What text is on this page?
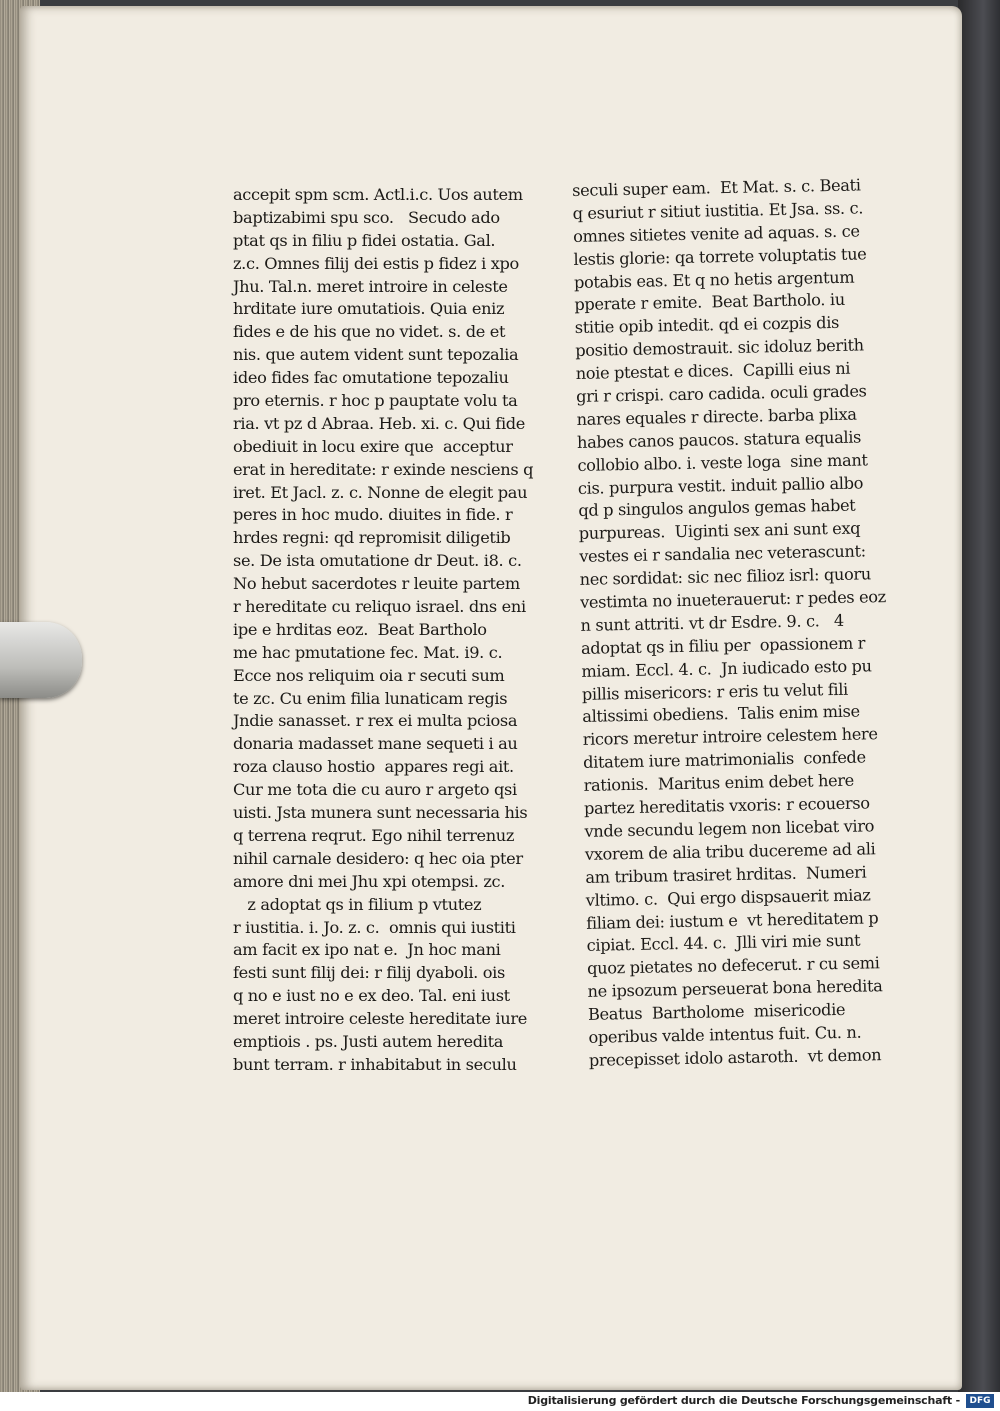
accepit spm scm. Actl.i.c. Uos autem
baptizabimi spu sco.   Secudo ado
ptat qs in filiu p fidei ostatia. Gal.
z.c. Omnes filij dei estis p fidez i xpo
Jhu. Tal.n. meret introire in celeste
hrditate iure omutatiois. Quia eniz
fides e de his que no videt. s. de et
nis. que autem vident sunt tepozalia
ideo fides fac omutatione tepozaliu
pro eternis. r hoc p pauptate volu ta
ria. vt pz d Abraa. Heb. xi. c. Qui fide
obediuit in locu exire que  acceptur
erat in hereditate: r exinde nesciens q
iret. Et Jacl. z. c. Nonne de elegit pau
peres in hoc mudo. diuites in fide. r
hrdes regni: qd repromisit diligetib
se. De ista omutatione dr Deut. i8. c.
No hebut sacerdotes r leuite partem
r hereditate cu reliquo israel. dns eni
ipe e hrditas eoz.  Beat Bartholo
me hac pmutatione fec. Mat. i9. c.
Ecce nos reliquim oia r secuti sum
te zc. Cu enim filia lunaticam regis
Jndie sanasset. r rex ei multa pciosa
donaria madasset mane sequeti i au
roza clauso hostio  appares regi ait.
Cur me tota die cu auro r argeto qsi
uisti. Jsta munera sunt necessaria his
q terrena reqrut. Ego nihil terrenuz
nihil carnale desidero: q hec oia pter
amore dni mei Jhu xpi otempsi. zc.
z adoptat qs in filium p vtutez
r iustitia. i. Jo. z. c.  omnis qui iustiti
am facit ex ipo nat e.  Jn hoc mani
festi sunt filij dei: r filij dyaboli. ois
q no e iust no e ex deo. Tal. eni iust
meret introire celeste hereditate iure
emptiois . ps. Justi autem heredita
bunt terram. r inhabitabut in seculu
seculi super eam.  Et Mat. s. c. Beati
q esuriut r sitiut iustitia. Et Jsa. ss. c.
omnes sitietes venite ad aquas. s. ce
lestis glorie: qa torrete voluptatis tue
potabis eas. Et q no hetis argentum
pperate r emite.  Beat Bartholo. iu
stitie opib intedit. qd ei cozpis dis
positio demostrauit. sic idoluz berith
noie ptestat e dices.  Capilli eius ni
gri r crispi. caro cadida. oculi grades
nares equales r directe. barba plixa
habes canos paucos. statura equalis
collobio albo. i. veste loga  sine mant
cis. purpura vestit. induit pallio albo
qd p singulos angulos gemas habet
purpureas.  Uiginti sex ani sunt exq
vestes ei r sandalia nec veterascunt:
nec sordidat: sic nec filioz isrl: quoru
vestimta no inueterauerut: r pedes eoz
n sunt attriti. vt dr Esdre. 9. c.   4
adoptat qs in filiu per  opassionem r
miam. Eccl. 4. c.  Jn iudicado esto pu
pillis misericors: r eris tu velut fili
altissimi obediens.  Talis enim mise
ricors meretur introire celestem here
ditatem iure matrimonialis  confede
rationis.  Maritus enim debet here
partez hereditatis vxoris: r ecouerso
vnde secundu legem non licebat viro
vxorem de alia tribu ducereme ad ali
am tribum trasiret hrditas.  Numeri
vltimo. c.  Qui ergo dispsauerit miaz
filiam dei: iustum e  vt hereditatem p
cipiat. Eccl. 44. c.  Jlli viri mie sunt
quoz pietates no defecerut. r cu semi
ne ipsozum perseuerat bona heredita
Beatus  Bartholome  misericodie
operibus valde intentus fuit. Cu. n.
precepisset idolo astaroth.  vt demon
Digitalisierung gefördert durch die Deutsche Forschungsgemeinschaft -	DFG
